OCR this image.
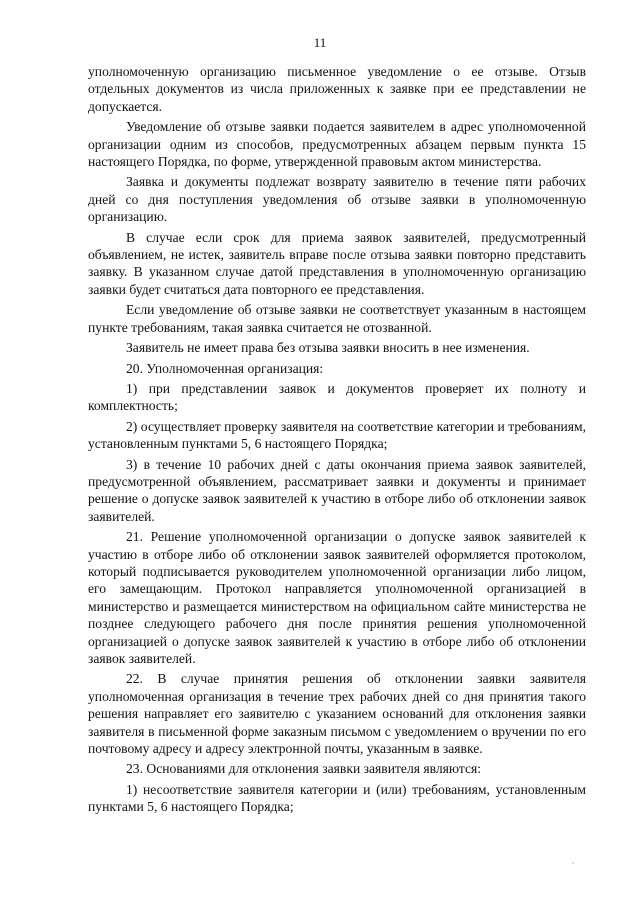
11

уполномоченную организацию письменное уведомление о ее отзыве. Отзыв отдельных документов из числа приложенных к заявке при ее представлении не допускается.

Уведомление об отзыве заявки подается заявителем в адрес уполномоченной организации одним из способов, предусмотренных абзацем первым пункта 15 настоящего Порядка, по форме, утвержденной правовым актом министерства.

Заявка и документы подлежат возврату заявителю в течение пяти рабочих дней со дня поступления уведомления об отзыве заявки в уполномоченную организацию.

В случае если срок для приема заявок заявителей, предусмотренный объявлением, не истек, заявитель вправе после отзыва заявки повторно представить заявку. В указанном случае датой представления в уполномоченную организацию заявки будет считаться дата повторного ее представления.

Если уведомление об отзыве заявки не соответствует указанным в настоящем пункте требованиям, такая заявка считается не отозванной.

Заявитель не имеет права без отзыва заявки вносить в нее изменения.

20. Уполномоченная организация:

1) при представлении заявок и документов проверяет их полноту и комплектность;

2) осуществляет проверку заявителя на соответствие категории и требованиям, установленным пунктами 5, 6 настоящего Порядка;

3) в течение 10 рабочих дней с даты окончания приема заявок заявителей, предусмотренной объявлением, рассматривает заявки и документы и принимает решение о допуске заявок заявителей к участию в отборе либо об отклонении заявок заявителей.

21. Решение уполномоченной организации о допуске заявок заявителей к участию в отборе либо об отклонении заявок заявителей оформляется протоколом, который подписывается руководителем уполномоченной организации либо лицом, его замещающим. Протокол направляется уполномоченной организацией в министерство и размещается министерством на официальном сайте министерства не позднее следующего рабочего дня после принятия решения уполномоченной организацией о допуске заявок заявителей к участию в отборе либо об отклонении заявок заявителей.

22. В случае принятия решения об отклонении заявки заявителя уполномоченная организация в течение трех рабочих дней со дня принятия такого решения направляет его заявителю с указанием оснований для отклонения заявки заявителя в письменной форме заказным письмом с уведомлением о вручении по его почтовому адресу и адресу электронной почты, указанным в заявке.

23. Основаниями для отклонения заявки заявителя являются:

1) несоответствие заявителя категории и (или) требованиям, установленным пунктами 5, 6 настоящего Порядка;
